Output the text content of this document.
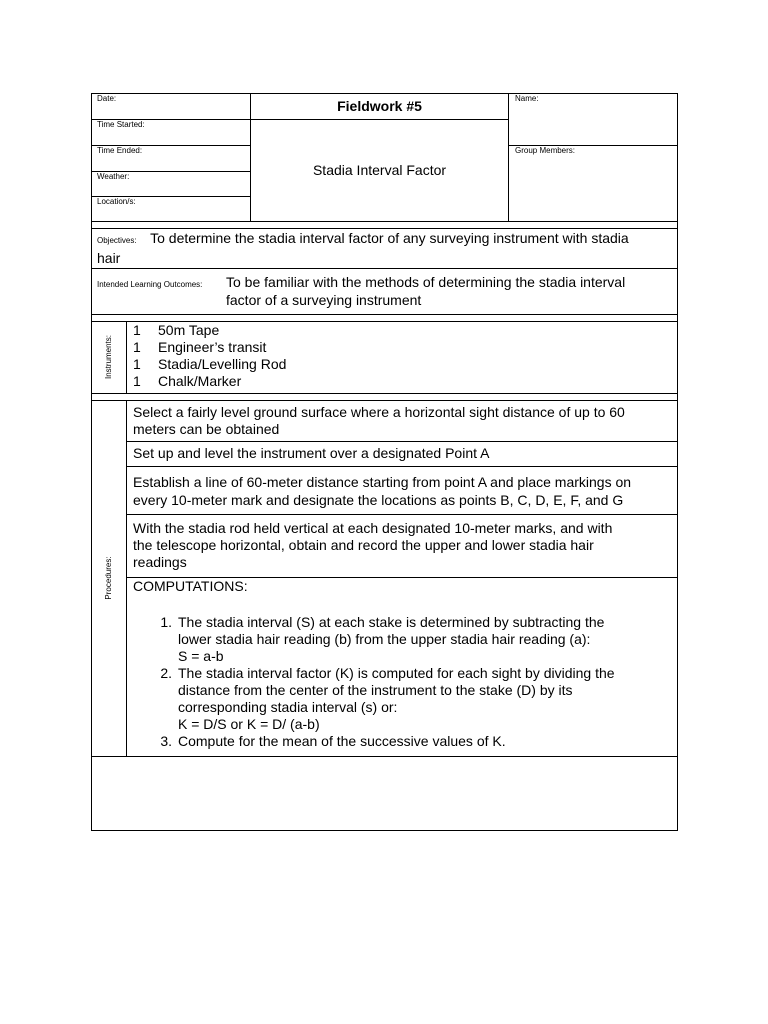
Date:
Time Started:
Time Ended:
Weather:
Location/s:
Fieldwork #5
Stadia Interval Factor
Name:
Group Members:
Objectives: To determine the stadia interval factor of any surveying instrument with stadia
hair
Intended Learning Outcomes: To be familiar with the methods of determining the stadia interval
factor of a surveying instrument
Instruments:
1 50m Tape
1 Engineer’s transit
1 Stadia/Levelling Rod
1 Chalk/Marker
Procedures:
Select a fairly level ground surface where a horizontal sight distance of up to 60
meters can be obtained
Set up and level the instrument over a designated Point A
Establish a line of 60-meter distance starting from point A and place markings on
every 10-meter mark and designate the locations as points B, C, D, E, F, and G
With the stadia rod held vertical at each designated 10-meter marks, and with
the telescope horizontal, obtain and record the upper and lower stadia hair
readings
COMPUTATIONS:
1. The stadia interval (S) at each stake is determined by subtracting the
lower stadia hair reading (b) from the upper stadia hair reading (a):
S = a-b
2. The stadia interval factor (K) is computed for each sight by dividing the
distance from the center of the instrument to the stake (D) by its
corresponding stadia interval (s) or:
K = D/S or K = D/ (a-b)
3. Compute for the mean of the successive values of K.
